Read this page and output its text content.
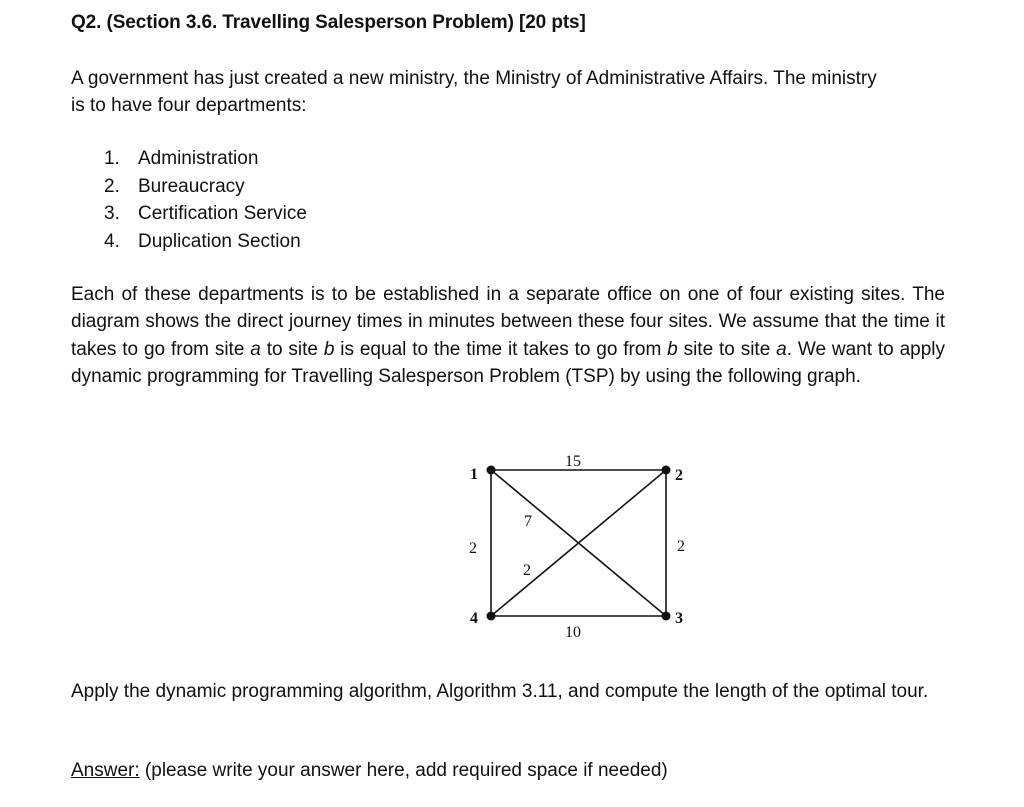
Q2. (Section 3.6. Travelling Salesperson Problem) [20 pts]

A government has just created a new ministry, the Ministry of Administrative Affairs. The ministry
is to have four departments:

1. Administration
2. Bureaucracy
3. Certification Service
4. Duplication Section

Each of these departments is to be established in a separate office on one of four existing sites. The diagram shows the direct journey times in minutes between these four sites. We assume that the time it takes to go from site a to site b is equal to the time it takes to go from b site to site a. We want to apply dynamic programming for Travelling Salesperson Problem (TSP) by using the following graph.

1	2
3
4
15
2	2
10
7
2

Apply the dynamic programming algorithm, Algorithm 3.11, and compute the length of the optimal tour.

Answer: (please write your answer here, add required space if needed)
